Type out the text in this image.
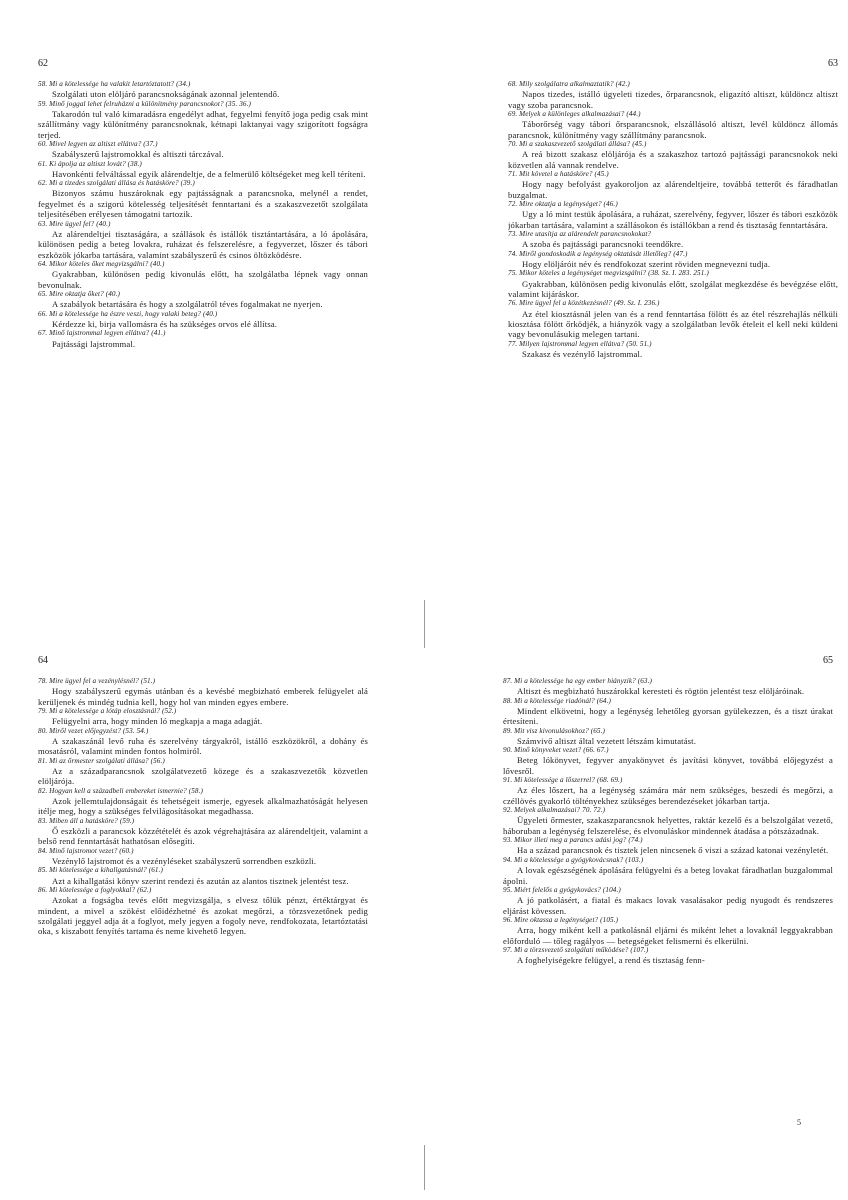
62
58. Mi a kötelessége ha valakit letartóztatott? (34.)
Szolgálati uton elöljáró parancsnokságának azonnal jelentendő.
59. Minő joggal lehet felruházni a különítmény parancsnokot? (35. 36.)
Takarodón tul való kimaradásra engedélyt adhat, fegyelmi fenyítő joga pedig csak mint szállítmány vagy különítmény parancsnoknak, kétnapi laktanyai vagy szigorított fogságra terjed.
60. Mivel legyen az altiszt ellátva? (37.)
Szabályszerű lajstromokkal és altiszti tárczával.
61. Ki ápolja az altiszt lovát? (38.)
Havonkénti felváltással egyik alárendeltje, de a felmerülő költségeket meg kell téríteni.
62. Mi a tizedes szolgálati állása és hatásköre? (39.)
Bizonyos számu huszároknak egy pajtásságnak a parancsnoka, melynél a rendet, fegyelmet és a szigorú kötelesség teljesítését fenntartani és a szakaszvezetőt szolgálata teljesítésében erélyesen támogatni tartozik.
63. Mire ügyel fel? (40.)
Az alárendeltjei tisztaságára, a szállások és istállók tisztántartására, a ló ápolására, különösen pedig a beteg lovakra, ruházat és felszerelésre, a fegyverzet, lőszer és tábori eszközök jókarba tartására, valamint szabályszerű és csinos öltözködésre.
64. Mikor köteles őket megvizsgálni? (40.)
Gyakrabban, különösen pedig kivonulás előtt, ha szolgálatba lépnek vagy onnan bevonulnak.
65. Mire oktatja őket? (40.)
A szabályok betartására és hogy a szolgálatról téves fogalmakat ne nyerjen.
66. Mi a kötelessége ha észre veszi, hogy valaki beteg? (40.)
Kérdezze ki, birja vallomásra és ha szükséges orvos elé állítsa.
67. Minő lajstrommal legyen ellátva? (41.)
Pajtássági lajstrommal.
63
68. Mily szolgálatra alkalmaztatik? (42.)
Napos tizedes, istálló ügyeleti tizedes, őrparancsnok, eligazító altiszt, küldöncz altiszt vagy szoba parancsnok.
69. Melyek a különleges alkalmazásai? (44.)
Táborőrség vagy tábori őrsparancsnok, elszállásoló altiszt, levél küldöncz állomás parancsnok, különítmény vagy szállítmány parancsnok.
70. Mi a szakaszvezető szolgálati állása? (45.)
A reá bizott szakasz elöljárója és a szakaszhoz tartozó pajtássági parancsnokok neki közvetlen alá vannak rendelve.
71. Mit követel a hatásköre? (45.)
Hogy nagy befolyást gyakoroljon az alárendeltjeire, továbbá tetterőt és fáradhatlan buzgalmat.
72. Mire oktatja a legénységet? (46.)
Ugy a ló mint testük ápolására, a ruházat, szerelvény, fegyver, lőszer és tábori eszközök jókarban tartására, valamint a szállásokon és istállókban a rend és tisztaság fenntartására.
73. Mire utasítja az alárendelt parancsnokokat?
A szoba és pajtássági parancsnoki teendőkre.
74. Miről gondoskodik a legénység oktatását illetőleg? (47.)
Hogy elöljáróit név és rendfokozat szerint röviden megnevezni tudja.
75. Mikor köteles a legénységet megvizsgálni? (38. Sz. I. 283. 251.)
Gyakrabban, különösen pedig kivonulás előtt, szolgálat megkezdése és bevégzése előtt, valamint kijáráskor.
76. Mire ügyel fel a közétkezésnél? (49. Sz. I. 236.)
Az étel kiosztásnál jelen van és a rend fenntartása fölött és az étel részrehajlás nélküli kiosztása fölött őrködjék, a hiányzók vagy a szolgálatban levők ételeit el kell neki küldeni vagy bevonulásukig melegen tartani.
77. Milyen lajstrommal legyen ellátva? (50. 51.)
Szakasz és vezénylő lajstrommal.
64
78. Mire ügyel fel a vezénylésnél? (51.)
Hogy szabályszerű egymás utánban és a kevésbé megbizható emberek felügyelet alá kerüljenek és mindég tudnia kell, hogy hol van minden egyes embere.
79. Mi a kötelessége a lótáp elosztásnál? (52.)
Felügyelni arra, hogy minden ló megkapja a maga adagját.
80. Miről vezet előjegyzést? (53. 54.)
A szakaszánál levő ruha és szerelvény tárgyakról, istálló eszközökről, a dohány és mosatásról, valamint minden fontos holmiról.
81. Mi az őrmester szolgálati állása? (56.)
Az a századparancsnok szolgálatvezető közege és a szakaszvezetők közvetlen elöljárója.
82. Hogyan kell a századbeli embereket ismernie? (58.)
Azok jellemtulajdonságait és tehetségeit ismerje, egyesek alkalmazhatóságát helyesen itélje meg, hogy a szükséges felvilágosításokat megadhassa.
83. Miben áll a hatásköre? (59.)
Ő eszközli a parancsok közzétételét és azok végrehajtására az alárendeltjeit, valamint a belső rend fenntartását hathatósan elősegíti.
84. Minő lajstromot vezet? (60.)
Vezénylő lajstromot és a vezényléseket szabályszerű sorrendben eszközli.
85. Mi kötelessége a kihallgatásnál? (61.)
Azt a kihallgatási könyv szerint rendezi és azután az alantos tisztnek jelentést tesz.
86. Mi kötelessége a foglyokkal? (62.)
Azokat a fogságba tevés előtt megvizsgálja, s elvesz tőlük pénzt, értéktárgyat és mindent, a mivel a szökést előidézhetné és azokat megőrzi, a törzsvezetőnek pedig szolgálati jeggyel adja át a foglyot, mely jegyen a fogoly neve, rendfokozata, letartóztatási oka, s kiszabott fenyítés tartama és neme kivehető legyen.
65
87. Mi a kötelessége ha egy ember hiányzik? (63.)
Altiszt és megbizható huszárokkal keresteti és rögtön jelentést tesz elöljáróinak.
88. Mi a kötelessége riadónál? (64.)
Mindent elkövetni, hogy a legénység lehetőleg gyorsan gyülekezzen, és a tiszt úrakat értesíteni.
89. Mit visz kivonulásokhoz? (65.)
Számvivő altiszt által vezetett létszám kimutatást.
90. Minő könyveket vezet? (66. 67.)
Beteg lókönyvet, fegyver anyakönyvet és javítási könyvet, továbbá előjegyzést a lővesről.
91. Mi kötelessége a lőszerrel? (68. 69.)
Az éles lőszert, ha a legénység számára már nem szükséges, beszedi és megőrzi, a czéllövés gyakorló töltényekhez szükséges berendezéseket jókarban tartja.
92. Melyek alkalmazásai? 70. 72.)
Ügyeleti őrmester, szakaszparancsnok helyettes, raktár kezelő és a belszolgálat vezető, háboruban a legénység felszerelése, és elvonuláskor mindennek átadása a pótszázadnak.
93. Mikor illeti meg a parancs adási jog? (74.)
Ha a század parancsnok és tisztek jelen nincsenek ő viszi a század katonai vezényletét.
94. Mi a kötelessége a gyógykovácsnak? (103.)
A lovak egészségének ápolására felügyelni és a beteg lovakat fáradhatlan buzgalommal ápolni.
95. Miért felelős a gyógykovács? (104.)
A jó patkolásért, a fiatal és makacs lovak vasalásakor pedig nyugodt és rendszeres eljárást kövessen.
96. Mire oktassa a legénységet? (105.)
Arra, hogy miként kell a patkolásnál eljárni és miként lehet a lovaknál leggyakrabban előforduló — tőleg ragályos — betegségeket felismerni és elkerülni.
97. Mi a törzsvezető szolgálati működése? (107.)
A foghelyiségekre felügyel, a rend és tisztaság fenn-
5
